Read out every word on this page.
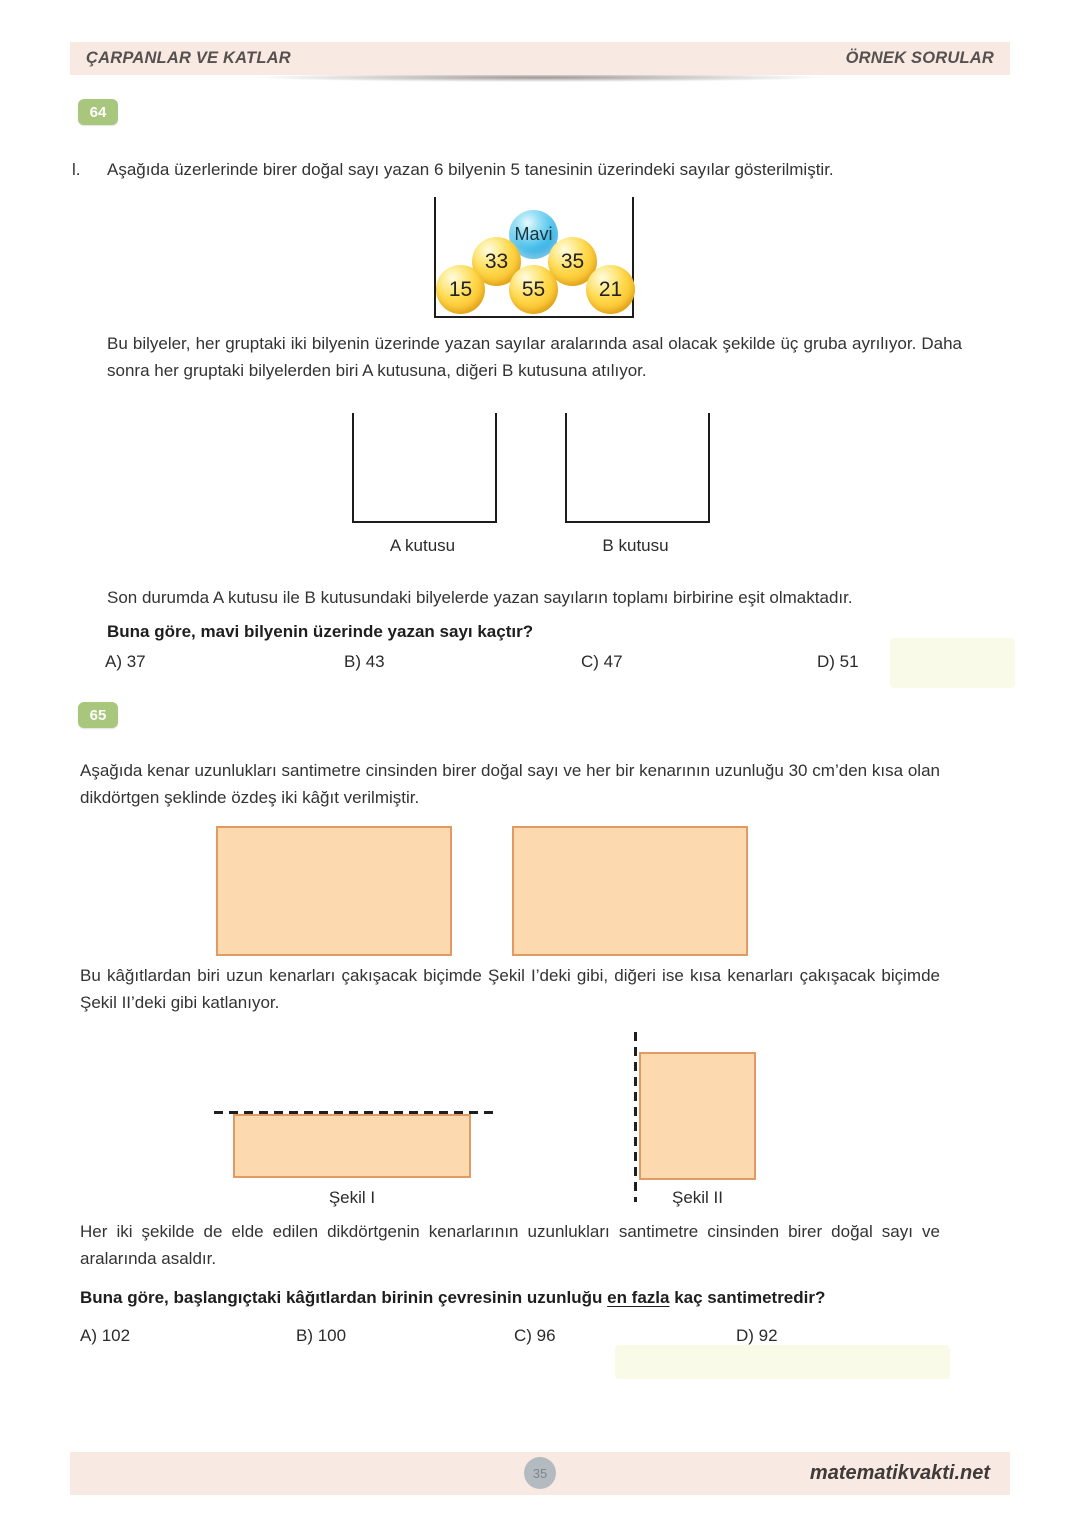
ÇARPANLAR VE KATLAR	ÖRNEK SORULAR
64
l. Aşağıda üzerlerinde birer doğal sayı yazan 6 bilyenin 5 tanesinin üzerindeki sayılar gösterilmiştir.
Mavi
33	35
15	55	21
Bu bilyeler, her gruptaki iki bilyenin üzerinde yazan sayılar aralarında asal olacak şekilde üç gruba ayrılıyor. Daha sonra her gruptaki bilyelerden biri A kutusuna, diğeri B kutusuna atılıyor.
A kutusu	B kutusu
Son durumda A kutusu ile B kutusundaki bilyelerde yazan sayıların toplamı birbirine eşit olmaktadır.
Buna göre, mavi bilyenin üzerinde yazan sayı kaçtır?
A) 37	B) 43	C) 47	D) 51
65
Aşağıda kenar uzunlukları santimetre cinsinden birer doğal sayı ve her bir kenarının uzunluğu 30 cm’den kısa olan dikdörtgen şeklinde özdeş iki kâğıt verilmiştir.
Bu kâğıtlardan biri uzun kenarları çakışacak biçimde Şekil I’deki gibi, diğeri ise kısa kenarları çakışacak biçimde Şekil II’deki gibi katlanıyor.
Şekil I	Şekil II
Her iki şekilde de elde edilen dikdörtgenin kenarlarının uzunlukları santimetre cinsinden birer doğal sayı ve aralarında asaldır.
Buna göre, başlangıçtaki kâğıtlardan birinin çevresinin uzunluğu en fazla kaç santimetredir?
A) 102	B) 100	C) 96	D) 92
35	matematikvakti.net
